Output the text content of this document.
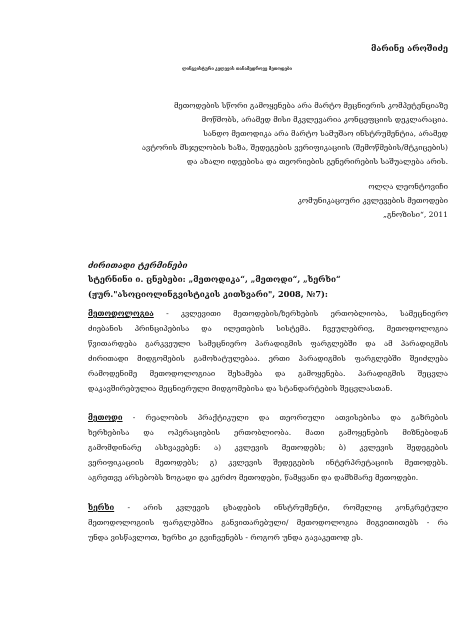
მარინე აროშიძე
ლინგვისტური კვლევის თანამედროვე მეთოდები
მეთოდების სწორი გამოყენება არა მარტო მეცნიერის კომპეტენციაზე
მოწმობს, არამედ მისი მკვლევარია კონცეფციის დეკლარაცია.
სანდო მეთოდიკა არა მარტო სამუშაო ინსტრუმენტია, არამედ
ავტორის მსჯელობის ხაზა, შედეგების ვერიფიკაციის (შემოწმების/მტკიცების)
და ახალი იდეებისა და თეორიების გენერირების საშუალება არის.
ოლღა ლეონტოვიჩი
კომუნიკაციური კვლევების მეთოდები
„გნოზისი“, 2011
ძირითადი ტერმინები
სტერნინი ი. ცნებები: „მეთოდიკა“, „მეთოდი“, „ხერხი“
(ჟურ."ასოციოლინგვისტიკის კითხვარი", 2008, №7):
მეთოდოლოგია - კვლევითი მეთოდების/ხერხების ერთობლიობა, სამეცნიერო
ძიებანის პრინციპებისა და ილეთების სისტემა. ჩვეულებრივ, მეთოდოლოგია
წვითარდება გარკვეული სამეცნიერო პარადიგმის ფარგლებში და ამ პარადიგმის
ძირითადი მიდგომების გამოხატულებაა. ერთი პარადიგმის ფარგლებში შეიძლება
რამოდენიმე მეთოდოლოგიაი შეხამება და გამოყენება. პარადიგმის შეცვლა
დაკავშირებულია მეცნიერული მიდგომებისა და სტანდარტების შეცვლასთან.
მეთოდი - რეალობის პრაქტიკული და თეორიული ათვისებისა და გაზრების
ხერხებისა და ოპერაციების ერთობლიობა. მათი გამოყენების მიზნებიდან
გამომდინარე ასხვავებენ: ა) კვლევის მეთოდებს; ბ) კვლევის შედეგების
ვერიფიკაციის მეთოდებს; გ) კვლევის შედეგების ინტერპრეტაციის მეთოდებს.
აგრეთვე არსებობს ზოგადი და კერძო მეთოდები, წამყვანი და დამხმარე მეთოდები.
ხერხი - არის კვლევის ცხადების ინსტრუმენტი, რომელიც კონკრეტული
მეთოდოლოგიის ფარგლებშია განვითარებული/ მეთოდოლოგია მიგვითითებს - რა
უნდა ვისწავლოთ, ხერხი კი გვიჩვენებს - როგორ უნდა გავაკეთოდ ეს.
